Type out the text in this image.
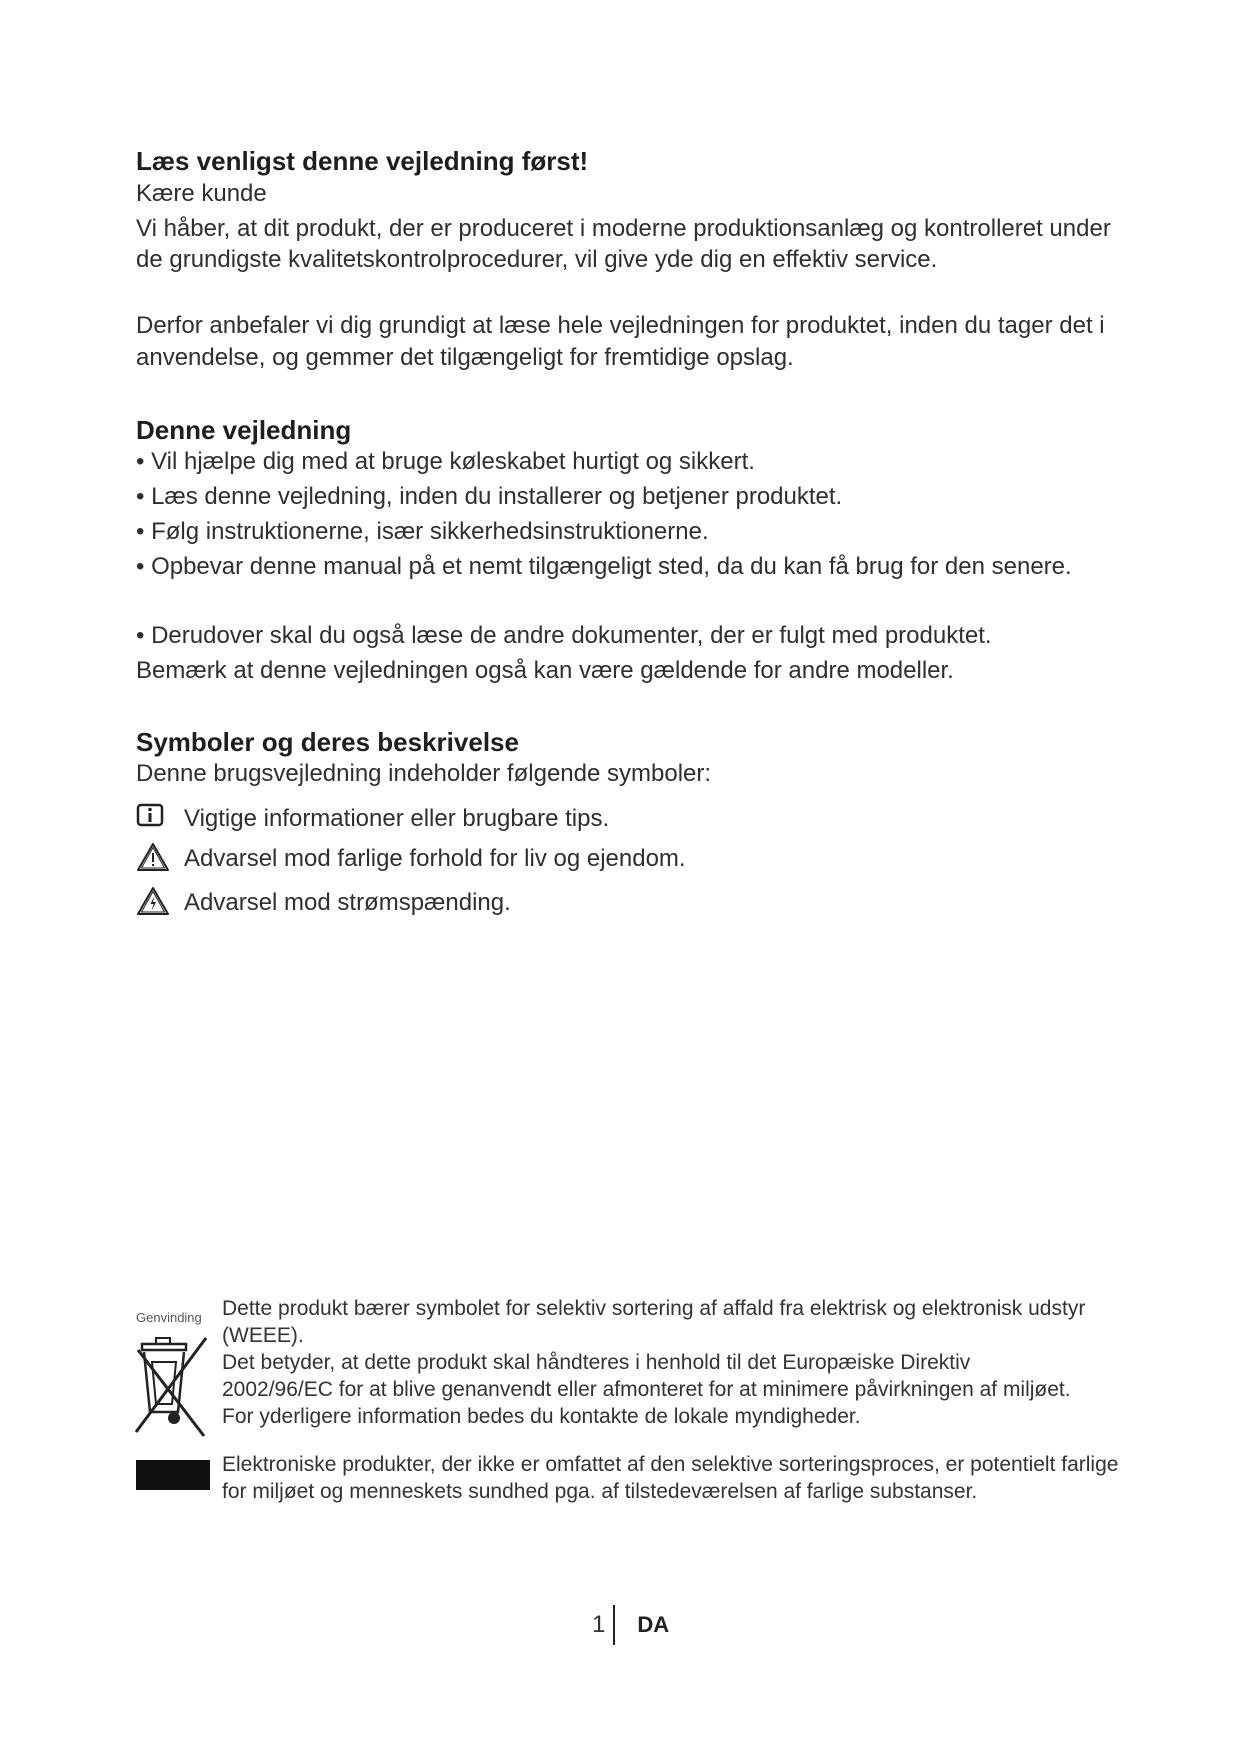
Læs venligst denne vejledning først!
Kære kunde
Vi håber, at dit produkt, der er produceret i moderne produktionsanlæg og kontrolleret under de grundigste kvalitetskontrolprocedurer, vil give yde dig en effektiv service.
Derfor anbefaler vi dig grundigt at læse hele vejledningen for produktet, inden du tager det i anvendelse, og gemmer det tilgængeligt for fremtidige opslag.
Denne vejledning
• Vil hjælpe dig med at bruge køleskabet hurtigt og sikkert.
• Læs denne vejledning, inden du installerer og betjener produktet.
• Følg instruktionerne, især sikkerhedsinstruktionerne.
• Opbevar denne manual på et nemt tilgængeligt sted, da du kan få brug for den senere.
• Derudover skal du også læse de andre dokumenter, der er fulgt med produktet.
Bemærk at denne vejledningen også kan være gældende for andre modeller.
Symboler og deres beskrivelse
Denne brugsvejledning indeholder følgende symboler:
Vigtige informationer eller brugbare tips.
Advarsel mod farlige forhold for liv og ejendom.
Advarsel mod strømspænding.
Genvinding Dette produkt bærer symbolet for selektiv sortering af affald fra elektrisk og elektronisk udstyr (WEEE).
Det betyder, at dette produkt skal håndteres i henhold til det Europæiske Direktiv 2002/96/EC for at blive genanvendt eller afmonteret for at minimere påvirkningen af miljøet. For yderligere information bedes du kontakte de lokale myndigheder.
Elektroniske produkter, der ikke er omfattet af den selektive sorteringsproces, er potentielt farlige for miljøet og menneskets sundhed pga. af tilstedeværelsen af farlige substanser.
1 DA
